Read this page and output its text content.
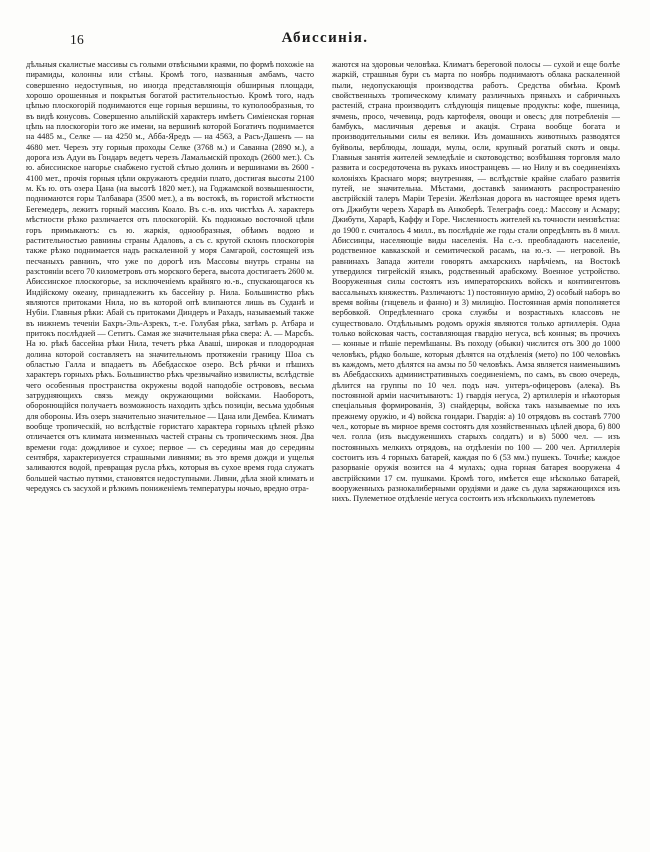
16	Абиссинія.

дѣльныя скалистые массивы съ голыми отвѣсными краями, по формѣ похожіе на пирамиды, колонны или стѣны. Кромѣ того, названныя амбамъ, часто совершенно недоступныя, но иногда представляющія обширныя площади, хорошо орошенныя и покрытыя богатой растительностью. Кромѣ того, надъ цѣпью плоскогорій поднимаются еще горныя вершины, то куполообразныя, то въ видѣ конусовъ. Совершенно альпійскій характеръ имѣетъ Симіенская горная цѣпь на плоскогоріи того же имени, на вершинѣ которой Богатичъ поднимается на 4485 м., Селке — на 4250 м., Абба-Яредъ — на 4563, а Расъ-Дашенъ — на 4680 мет. Черезъ эту горныя проходы Селке (3768 м.) и Саванна (2890 м.), а дорога изъ Адуи въ Гондаръ ведетъ черезъ Ламальмскій проходъ (2600 мет.). Съ ю. абиссинское нагорье снабжено густой сѣтью долинъ и вершинами въ 2600 - 4100 мет., прочія горныя цѣпи окружаютъ средніи плато, достигая высоты 2100 м. Къ ю. отъ озера Цана (на высотѣ 1820 мет.), на Годжамской возвышенности, поднимаются горы Талбавара (3500 мет.), а въ востокѣ, въ гористой мѣстности Бегемедеръ, лежитъ горный массивъ Коало. Въ с.-в. ихъ чистѣхъ А. характеръ мѣстности рѣзко различается отъ плоскогорій. Къ подножью восточной цѣпи горъ примыкаютъ: съ ю. жаркія, однообразныя, обѣимъ водою и растительностью равнины страны Адаловъ, а съ с. крутой склонъ плоскогорія также рѣзко поднимается надъ раскаленной у моря Самгарой, состоящей изъ песчаныхъ равнинъ, что уже по дорогѣ изъ Массовы внутрь страны на разстояніи всего 70 километровъ отъ морского берега, высота достигаетъ 2600 м. Абиссинское плоскогорье, за исключеніемъ крайняго ю.-в., спускающагося къ Индійскому океану, принадлежитъ къ бассейну р. Нила. Большинство рѣкъ являются притоками Нила, но въ которой опѣ влипаются лишь въ Суданѣ и Нубіи. Главныя рѣки: Абай съ притоками Диндеръ и Рахадъ, называемый также въ нижнемъ теченіи Бахръ-Эль-Азрекъ, т.-е. Голубая рѣка, затѣмъ р. Атбара и притокъ послѣдней — Сетитъ. Самая же значительная рѣка свера: А. — Марсбъ. На ю. рѣкѣ бассейна рѣки Нила, течетъ рѣка Аваші, широкая и плодородная долина которой составляетъ на значительномъ протяженіи границу Шоа съ областью Галла и впадаетъ въ Абебдасское озеро. Всѣ рѣчки и пѣшихъ характеръ горныхъ рѣкъ. Большинство рѣкъ чрезвычайно извилисты, вслѣдствіе чего особенныя пространства окружены водой наподобіе острововъ, весьма затрудняющихъ связь между окружающими войсками. Наоборотъ, оборонющійся получаетъ возможность находить здѣсь позиціи, весьма удобныя для обороны. Изъ озеръ значительно значительное — Цана или Дембеа. Климатъ вообще тропическій, но вслѣдствіе гористаго характера горныхъ цѣпей рѣзко отличается отъ климата низменныхъ частей страны съ тропическимъ зноя. Два времени года: дождливое и сухое; первое — съ середины мая до середины сентября, характеризуется страшными ливнями; въ это время дожди и ущелья заливаются водой, превращая русла рѣкъ, которыя въ сухое время года служатъ большей частью путями, становятся недоступными. Ливни, дѣла зной климатъ и чередуясь съ засухой и рѣзкимъ пониженіемъ температуры ночью, вредно отра-

жаются на здоровьи человѣка. Климатъ береговой полосы — сухой и еще болѣе жаркій, страшныя бури съ марта по ноябрь поднимаютъ облака раскаленной пыли, недопускающія производства работъ. Средства обмѣна. Кромѣ свойственныхъ тропическому климату различныхъ пряныхъ и сабричныхъ растеній, страна производитъ слѣдующія пищевые продукты: кофе, пшеница, ячмень, просо, чечевица, родъ картофеля, овощи и овесъ; для потребленія — бамбукъ, масличныя деревья и акація. Страна вообще богата и производительными силы ея велики. Изъ домашнихъ животныхъ разводятся буйволы, верблюды, лошади, мулы, осли, крупный рогатый скотъ и овцы. Главныя занятія жителей земледѣліе и скотоводство; возбѣшняя торговля мало развита и сосредоточена въ рукахъ иностранцевъ — но Нилу и въ соединеніяхъ колоніяхъ Краснаго моря; внутренняя, — вслѣдствіе крайне слабаго развитія путей, не значительна. Мѣстами, доставкѣ занимаютъ распространенію австрійскій талеръ Маріи Терезіи. Желѣзная дорога въ настоящее время идетъ отъ Джибути черезъ Харарѣ въ Анкоберѣ. Телеграфъ соед.: Массову и Асмару; Джибути, Харарѣ, Каффу и Горе. Численность жителей къ точности неизвѣстна: до 1900 г. считалось 4 милл., въ послѣдніе же годы стали опредѣлять въ 8 милл. Абиссинцы, населяющіе виды населенія. На с.-з. преобладаютъ населеніе, родственное кавказской и семитической расамъ, на ю.-з. — негровой. Въ равнинахъ Запада жители говорятъ амхарскихъ нарѣчіемъ, на Востокѣ утвердился тигрейскій языкъ, родственный арабскому. Военное устройство. Вооруженныя силы состоятъ изъ императорскихъ войскъ и контингентовъ вассальныхъ княжествъ. Различаютъ: 1) постоянную армію, 2) особый наборъ во время войны (гнцевель и фанно) и 3) милицію. Постоянная армія пополняется вербовкой. Опредѣленнаго срока службы и возрастныхъ классовъ не существовало. Отдѣльнымъ родомъ оружія являются только артиллерія. Одна только войсковая часть, составляющая гвардію негуса, всѣ конныя; въ прочихъ — конные и пѣшіе перемѣшаны. Въ походу (обыкн) числится отъ 300 до 1000 человѣкъ, рѣдко больше, которыя дѣлятся на отдѣленія (мето) по 100 человѣкъ въ каждомъ, мето дѣлятся на амзы по 50 человѣкъ. Амза является наименьшимъ въ Абебдасскихъ административныхъ соединеніемъ, по самъ, въ свою очередь, дѣлится на группы по 10 чел. подъ нач. унтеръ-офицеровъ (алека). Въ постоянной арміи насчитываютъ: 1) гвардія негуса, 2) артиллерія и нѣкоторыя спеціальныя формированія, 3) снайдерцы, войска такъ называемые по ихъ прежнему оружію, и 4) войска гондари. Гвардія: а) 10 отрядовъ въ составѣ 7700 чел., которые въ мирное время состоятъ для хозяйственныхъ цѣлей двора, б) 800 чел. голла (изъ высдуженшихъ старыхъ солдатъ) и в) 5000 чел. — изъ постоянныхъ мелкихъ отрядовъ, на отдѣленіи по 100 — 200 чел. Артиллерія состоитъ изъ 4 горныхъ батарей, каждая по 6 (53 мм.) пушекъ. Точнѣе; каждое разорваніе оружія возится на 4 мулахъ; одна горная батарея вооружена 4 австрійскими 17 см. пушками. Кромѣ того, имѣется еще нѣсколько батарей, вооруженныхъ разнокалиберными орудіями и даже съ дула заряжающихся изъ нихъ. Пулеметное отдѣленіе негуса состоитъ изъ нѣсколькихъ пулеметовъ
